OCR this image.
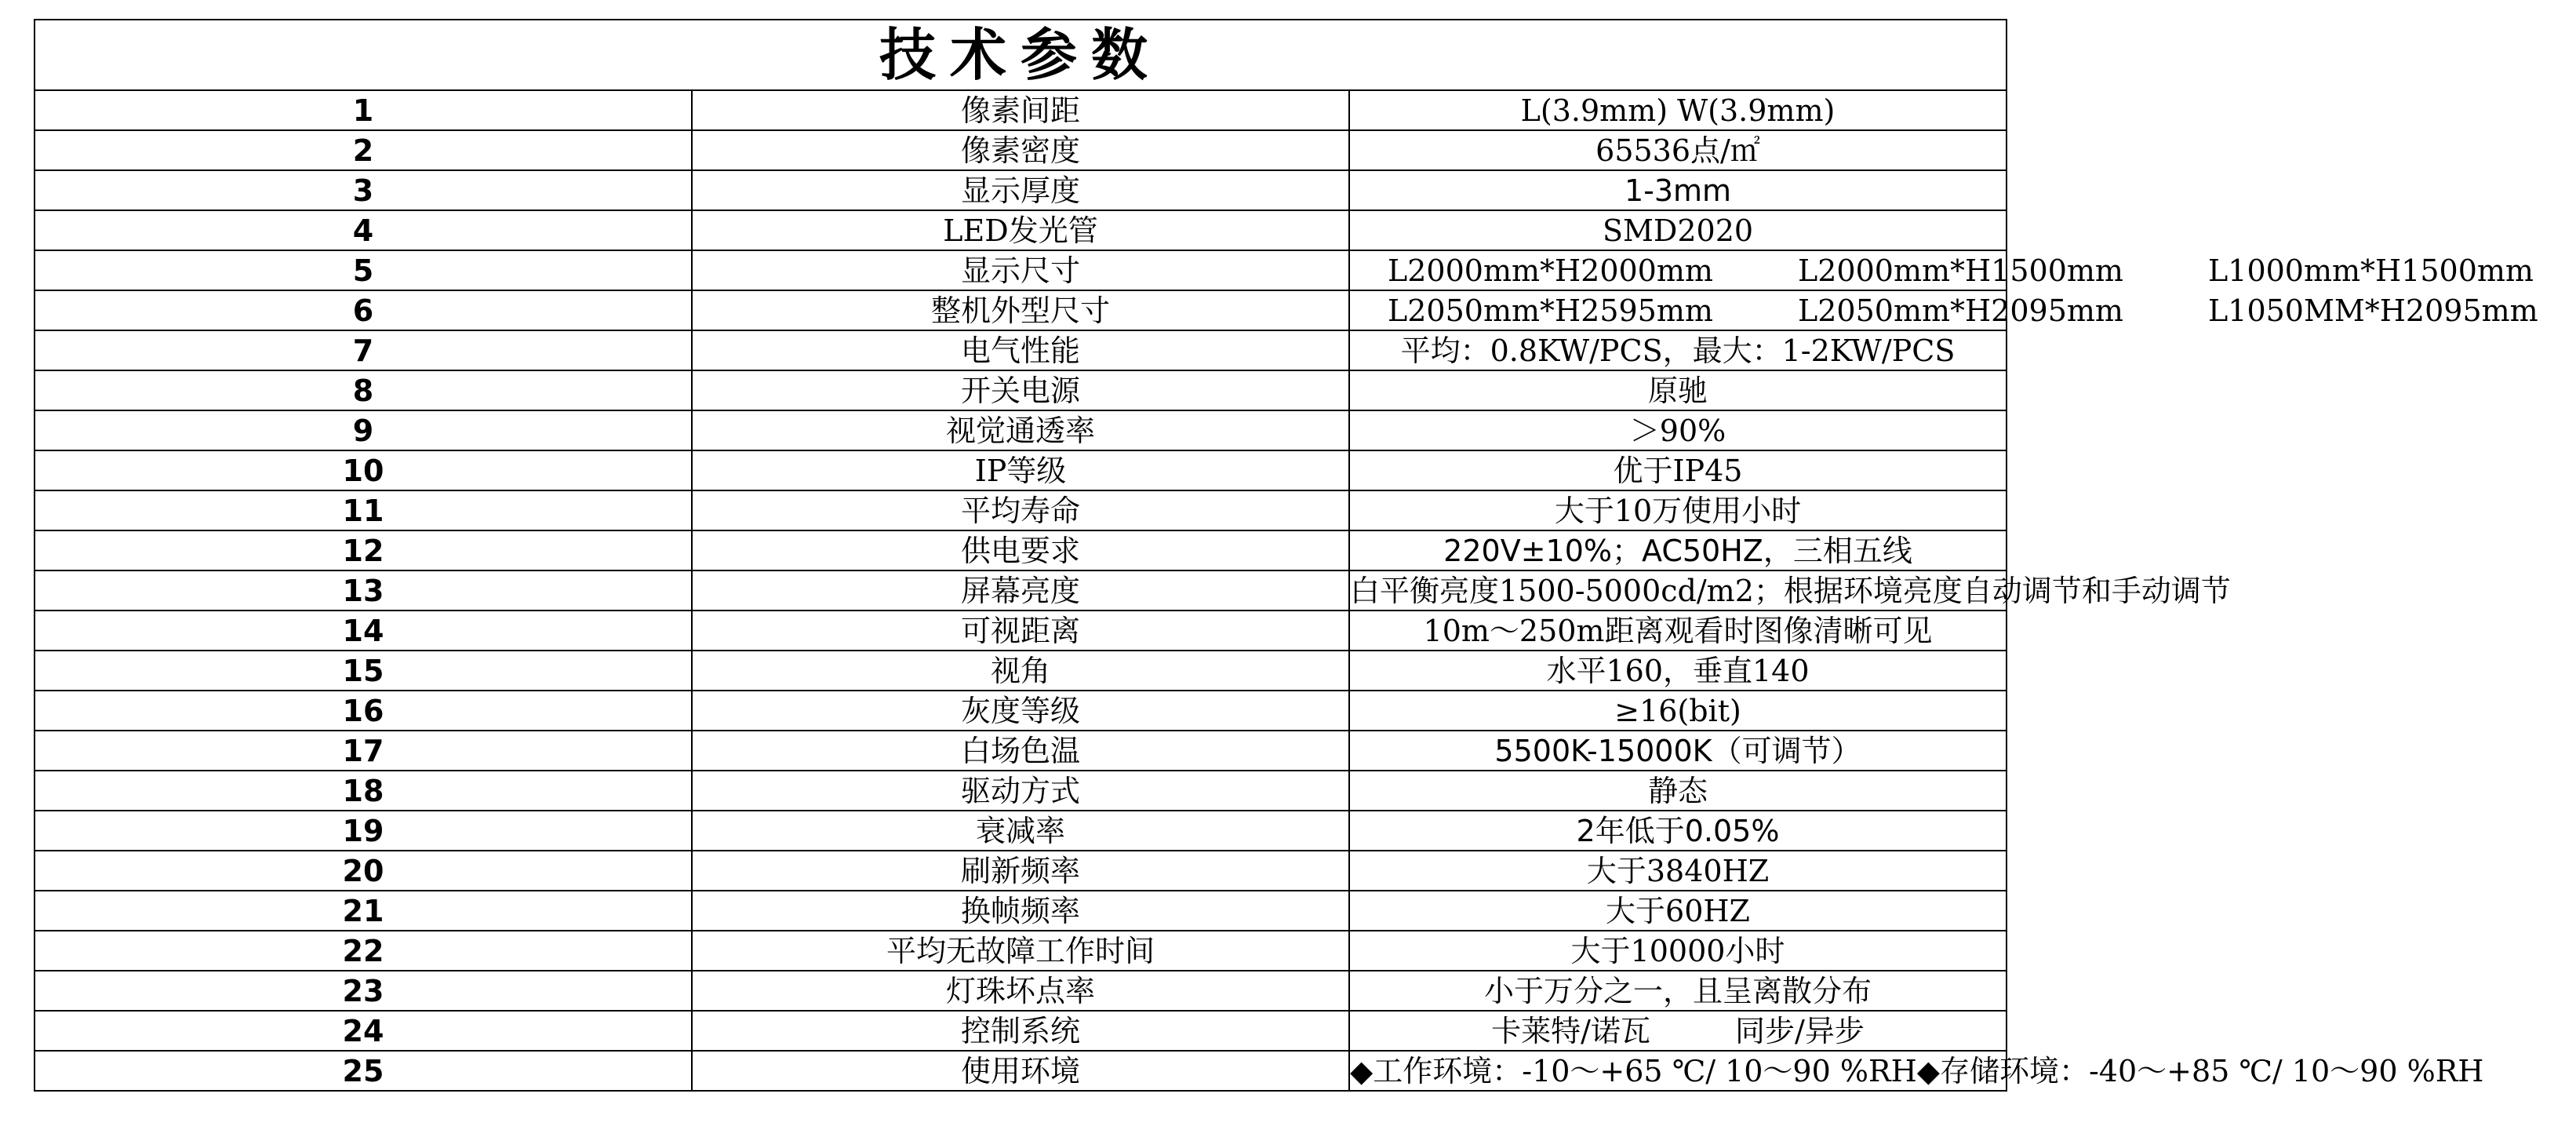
技术参数		
1	像素间距	L(3.9mm) W(3.9mm)
2	像素密度	65536点/㎡
3	显示厚度	1-3mm
4	LED发光管	SMD2020
5	显示尺寸	L2000mm*H2000mm L2000mm*H1500mm L1000mm*H1500mm
6	整机外型尺寸	L2050mm*H2595mm L2050mm*H2095mm L1050MM*H2095mm
7	电气性能	平均：0.8KW/PCS，最大：1-2KW/PCS
8	开关电源	原驰
9	视觉通透率	＞90%
10	IP等级	优于IP45
11	平均寿命	大于10万使用小时
12	供电要求	220V±10%；AC50HZ，三相五线
13	屏幕亮度	白平衡亮度1500-5000cd/m2；根据环境亮度自动调节和手动调节
14	可视距离	10m～250m距离观看时图像清晰可见
15	视角	水平160，垂直140
16	灰度等级	≥16(bit)
17	白场色温	5500K-15000K（可调节）
18	驱动方式	静态
19	衰减率	2年低于0.05%
20	刷新频率	大于3840HZ
21	换帧频率	大于60HZ
22	平均无故障工作时间	大于10000小时
23	灯珠坏点率	小于万分之一，且呈离散分布
24	控制系统	卡莱特/诺瓦 同步/异步
25	使用环境	◆工作环境：-10～+65 ℃/ 10～90 %RH◆存储环境：-40～+85 ℃/ 10～90 %RH
